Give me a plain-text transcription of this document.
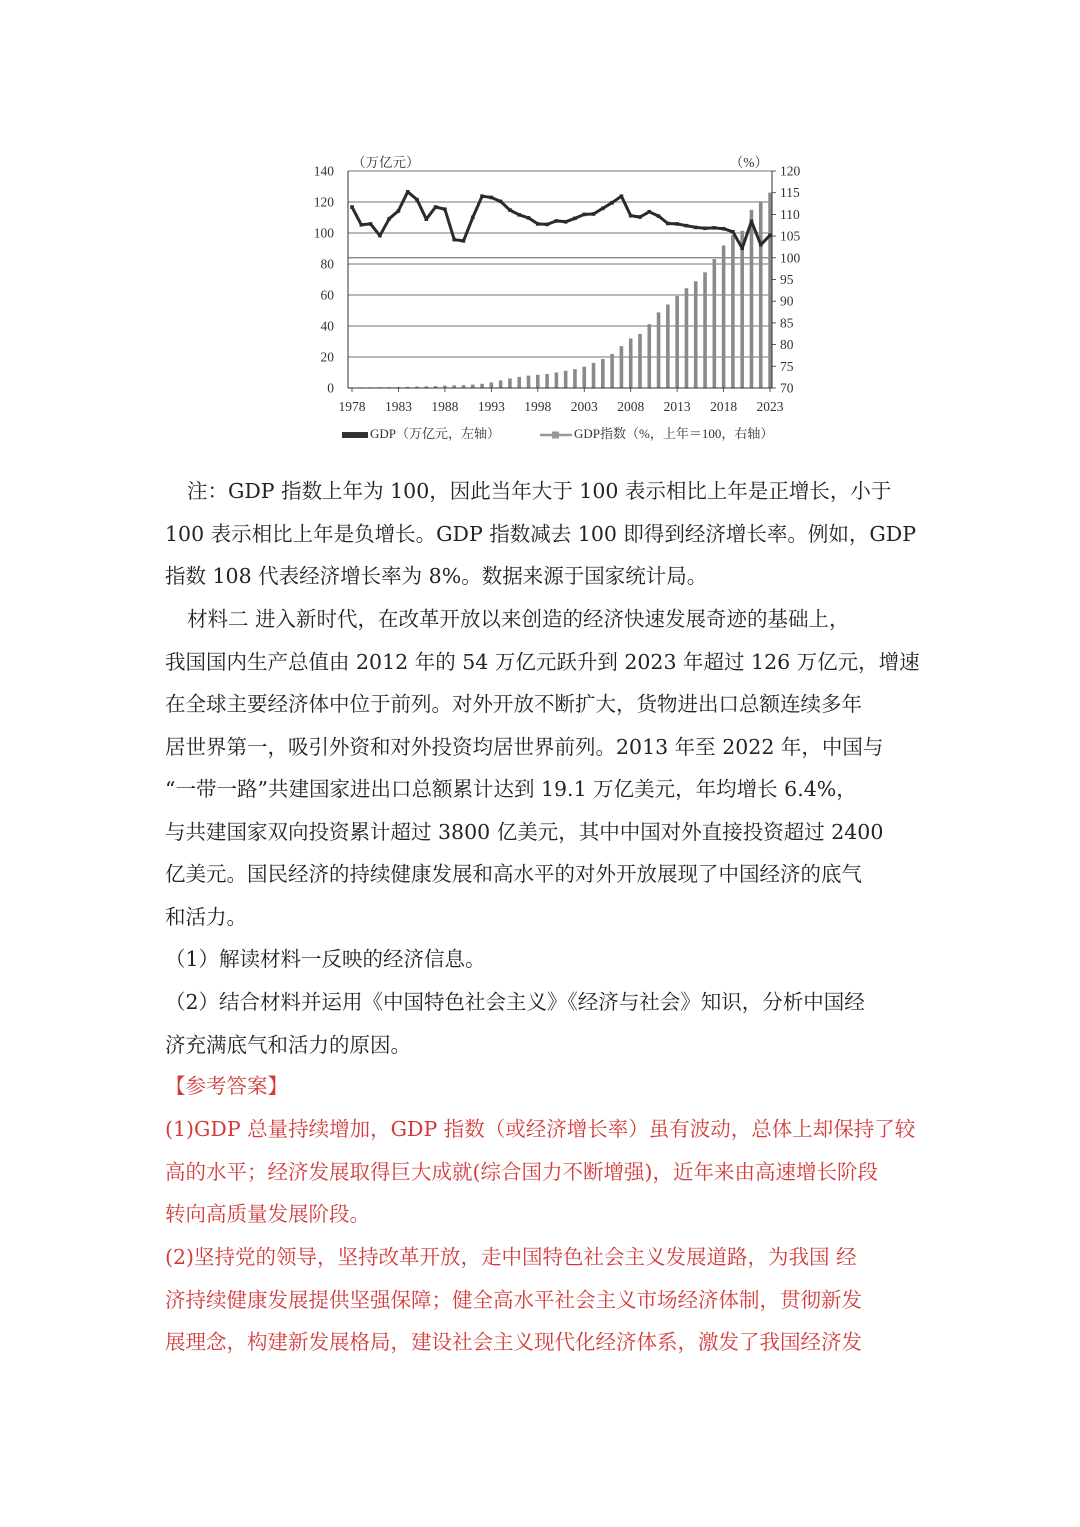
0
20
40
60
80
100
120
140
70
75
80
85
90
95
100
105
110
115
120
（万亿元）	（%）
1978 1983 1988 1993 1998 2003 2008 2013 2018 2023
GDP（万亿元，左轴）	GDP指数（%，上年＝100，右轴）
注：GDP 指数上年为 100，因此当年大于 100 表示相比上年是正增长，小于
100 表示相比上年是负增长。GDP 指数减去 100 即得到经济增长率。例如，GDP
指数 108 代表经济增长率为 8%。数据来源于国家统计局。
材料二 进入新时代，在改革开放以来创造的经济快速发展奇迹的基础上，
我国国内生产总值由 2012 年的 54 万亿元跃升到 2023 年超过 126 万亿元，增速
在全球主要经济体中位于前列。对外开放不断扩大，货物进出口总额连续多年
居世界第一，吸引外资和对外投资均居世界前列。2013 年至 2022 年，中国与
“一带一路”共建国家进出口总额累计达到 19.1 万亿美元，年均增长 6.4%，
与共建国家双向投资累计超过 3800 亿美元，其中中国对外直接投资超过 2400
亿美元。国民经济的持续健康发展和高水平的对外开放展现了中国经济的底气
和活力。
（1）解读材料一反映的经济信息。
（2）结合材料并运用《中国特色社会主义》《经济与社会》知识，分析中国经
济充满底气和活力的原因。
【参考答案】
(1)GDP 总量持续增加，GDP 指数（或经济增长率）虽有波动，总体上却保持了较
高的水平；经济发展取得巨大成就(综合国力不断增强)，近年来由高速增长阶段
转向高质量发展阶段。
(2)坚持党的领导，坚持改革开放，走中国特色社会主义发展道路，为我国 经
济持续健康发展提供坚强保障；健全高水平社会主义市场经济体制，贯彻新发
展理念，构建新发展格局，建设社会主义现代化经济体系，激发了我国经济发
